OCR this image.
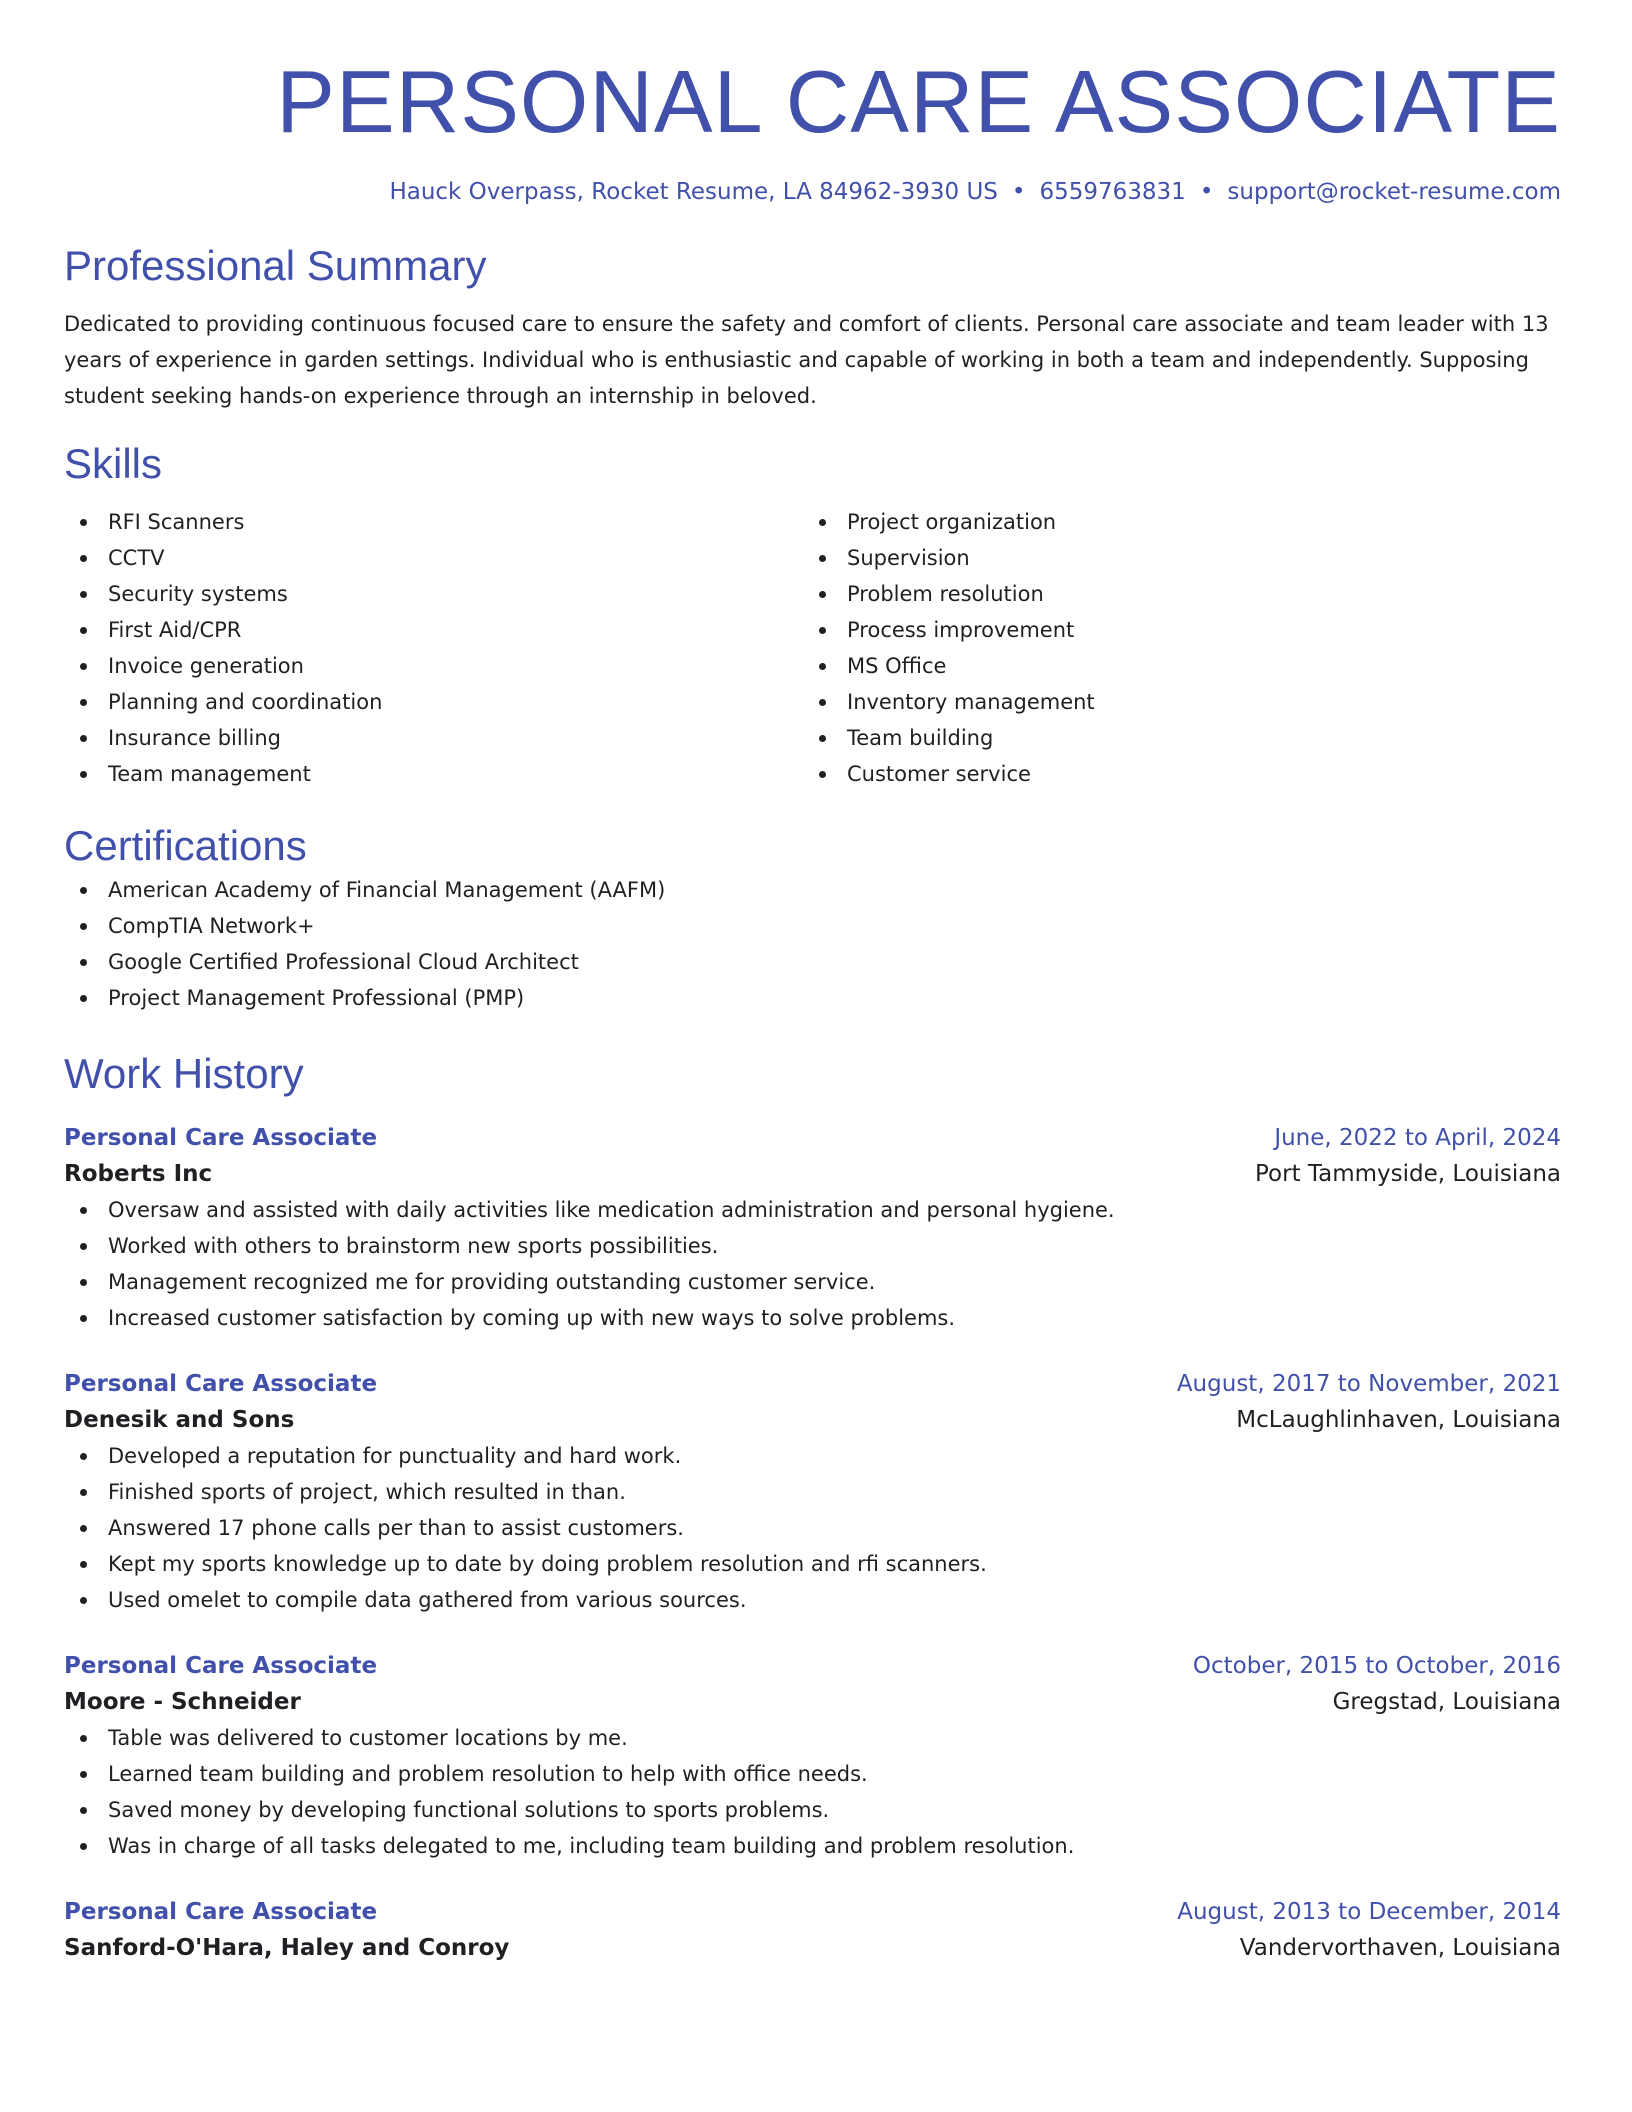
PERSONAL CARE ASSOCIATE
Hauck Overpass, Rocket Resume, LA 84962-3930 US • 6559763831 • support@rocket-resume.com
Professional Summary

Dedicated to providing continuous focused care to ensure the safety and comfort of clients. Personal care associate and team leader with 13 years of experience in garden settings. Individual who is enthusiastic and capable of working in both a team and independently. Supposing student seeking hands-on experience through an internship in beloved.

Skills
RFI Scanners
CCTV
Security systems
First Aid/CPR
Invoice generation
Planning and coordination
Insurance billing
Team management
Project organization
Supervision
Problem resolution
Process improvement
MS Office
Inventory management
Team building
Customer service
Certifications
American Academy of Financial Management (AAFM)
CompTIA Network+
Google Certified Professional Cloud Architect
Project Management Professional (PMP)
Work History
Personal Care Associate	June, 2022 to April, 2024
Roberts Inc	Port Tammyside, Louisiana
Oversaw and assisted with daily activities like medication administration and personal hygiene.
Worked with others to brainstorm new sports possibilities.
Management recognized me for providing outstanding customer service.
Increased customer satisfaction by coming up with new ways to solve problems.
Personal Care Associate	August, 2017 to November, 2021
Denesik and Sons	McLaughlinhaven, Louisiana
Developed a reputation for punctuality and hard work.
Finished sports of project, which resulted in than.
Answered 17 phone calls per than to assist customers.
Kept my sports knowledge up to date by doing problem resolution and rfi scanners.
Used omelet to compile data gathered from various sources.
Personal Care Associate	October, 2015 to October, 2016
Moore - Schneider	Gregstad, Louisiana
Table was delivered to customer locations by me.
Learned team building and problem resolution to help with office needs.
Saved money by developing functional solutions to sports problems.
Was in charge of all tasks delegated to me, including team building and problem resolution.
Personal Care Associate	August, 2013 to December, 2014
Sanford-O'Hara, Haley and Conroy	Vandervorthaven, Louisiana
